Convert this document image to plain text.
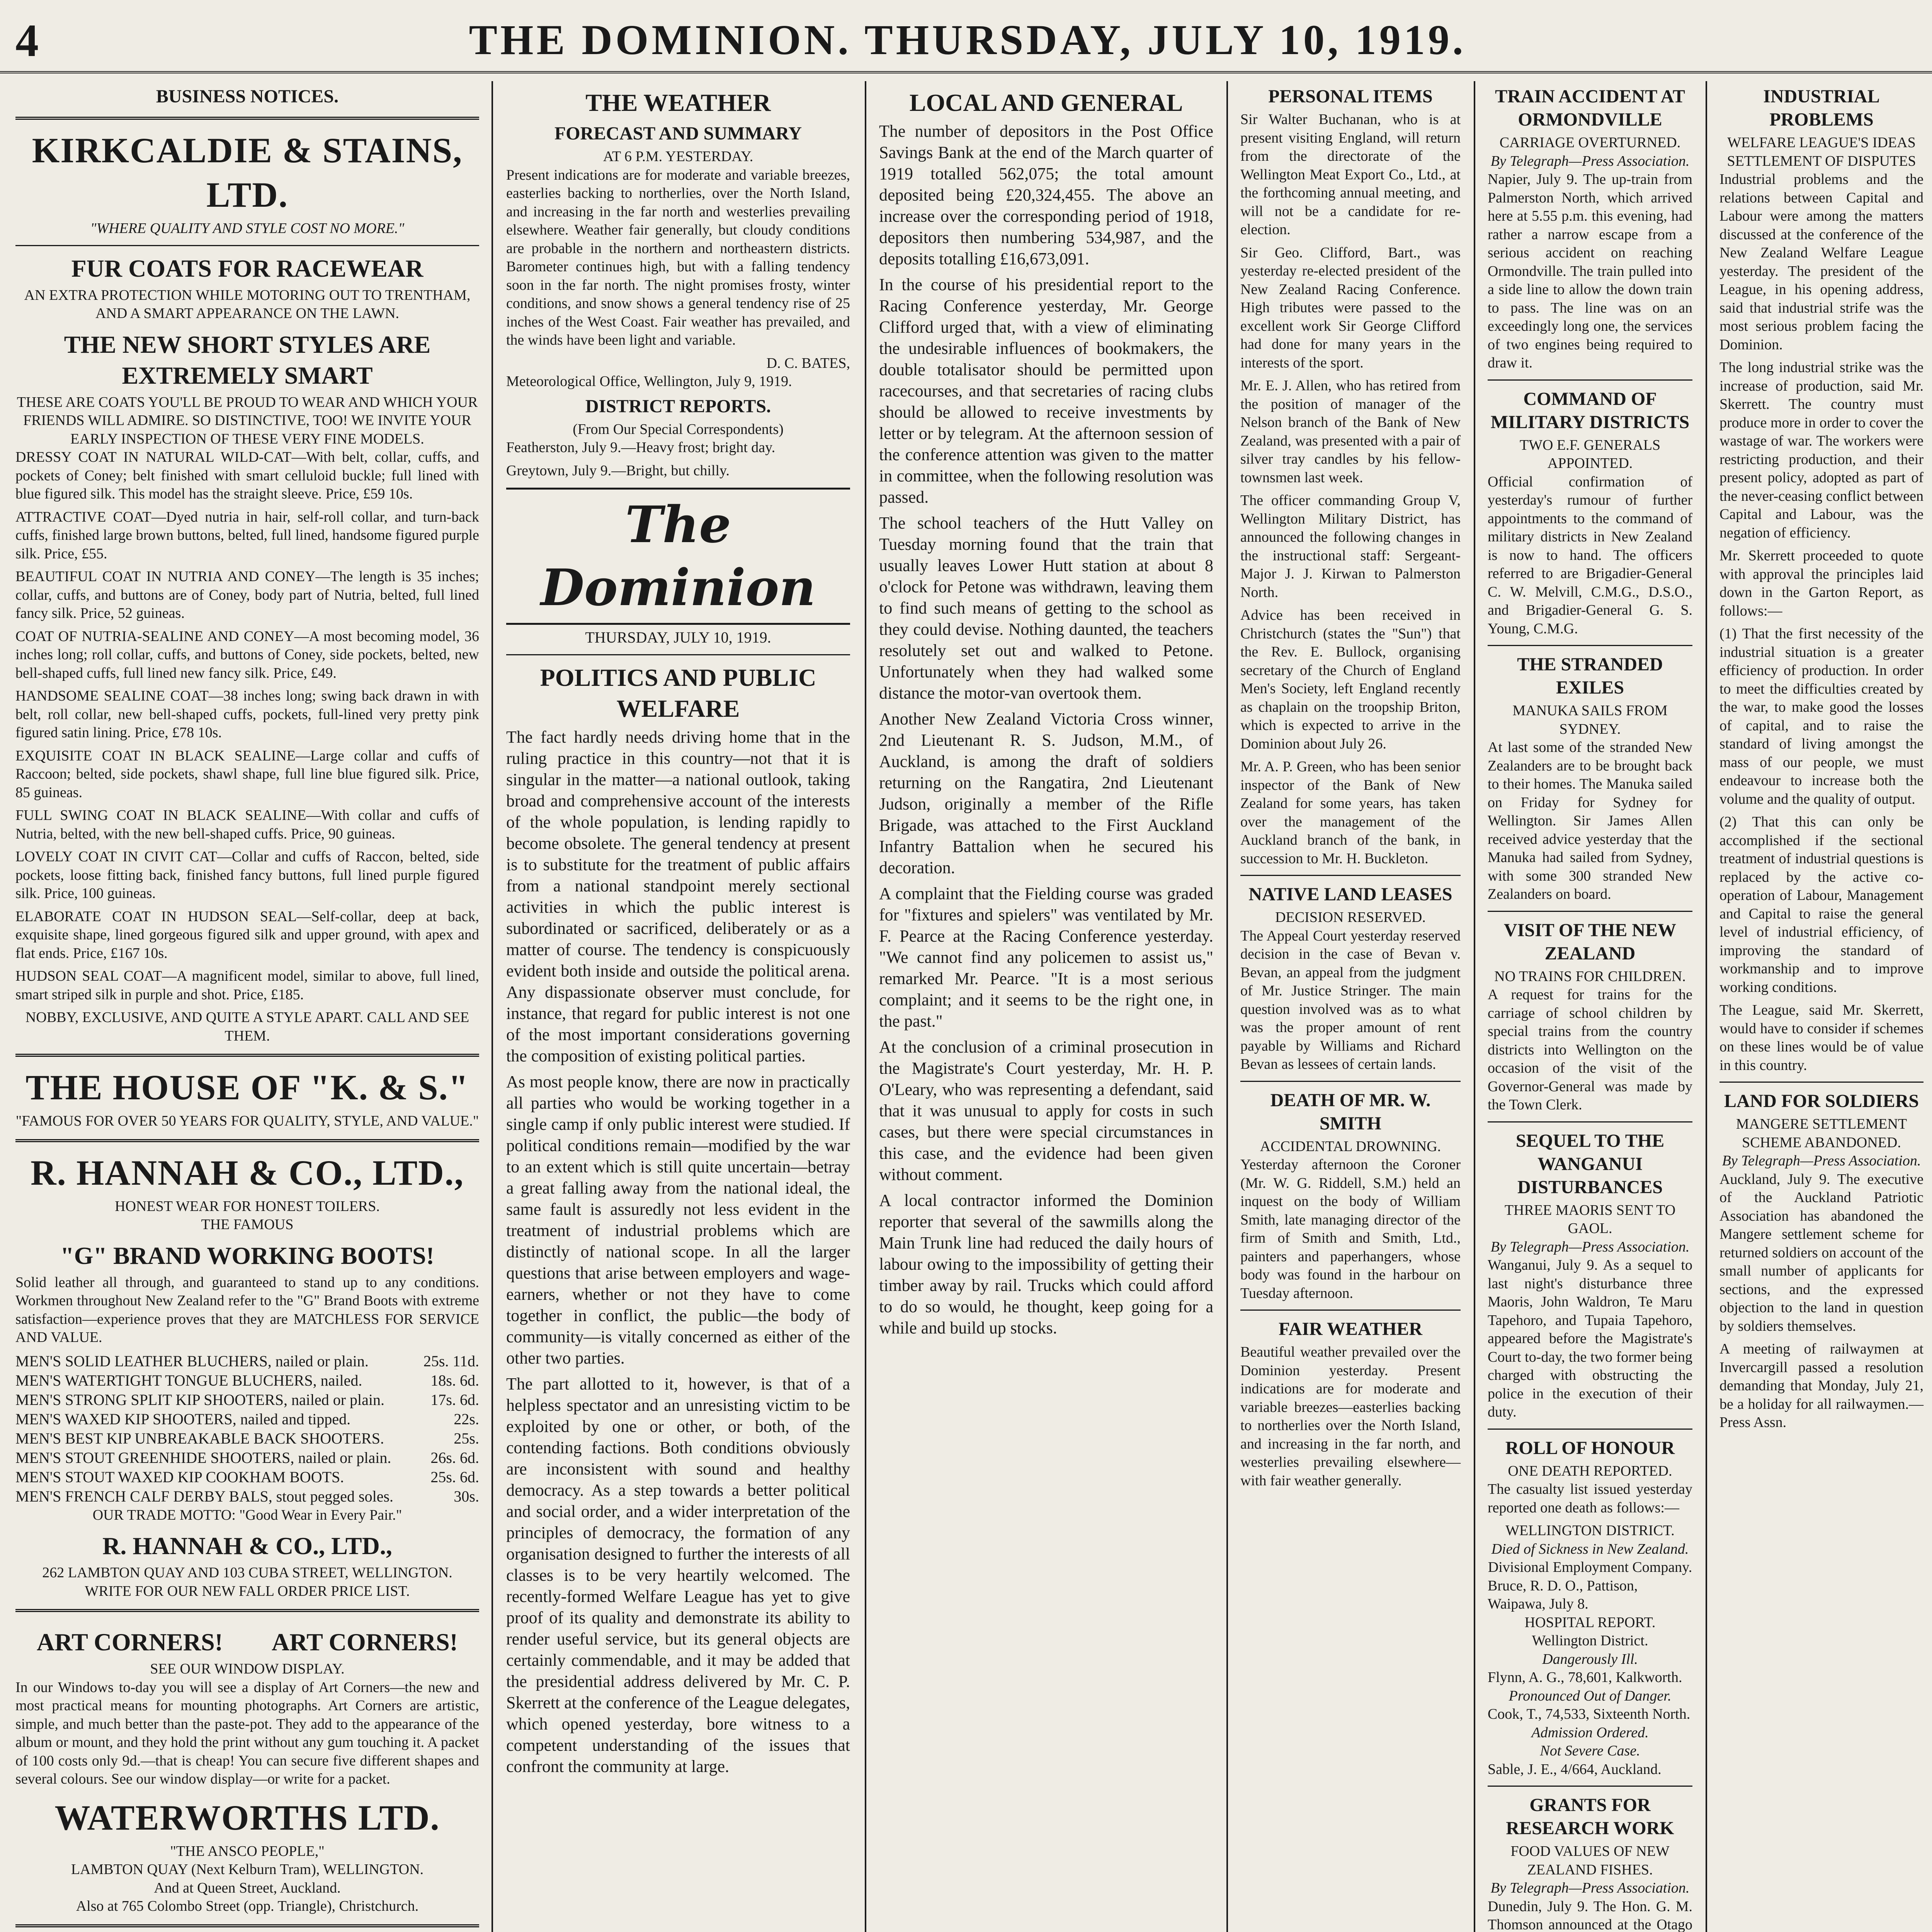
4	THE DOMINION. THURSDAY, JULY 10, 1919.
BUSINESS NOTICES.
KIRKCALDIE & STAINS, LTD.
"WHERE QUALITY AND STYLE COST NO MORE."
FUR COATS FOR RACEWEAR
AN EXTRA PROTECTION WHILE MOTORING OUT TO TRENTHAM, AND A SMART APPEARANCE ON THE LAWN.
THE NEW SHORT STYLES ARE EXTREMELY SMART
THESE ARE COATS YOU'LL BE PROUD TO WEAR AND WHICH YOUR FRIENDS WILL ADMIRE. SO DISTINCTIVE, TOO! WE INVITE YOUR EARLY INSPECTION OF THESE VERY FINE MODELS.

DRESSY COAT IN NATURAL WILD-CAT—With belt, collar, cuffs, and pockets of Coney; belt finished with smart celluloid buckle; full lined with blue figured silk. This model has the straight sleeve. Price, £59 10s.

ATTRACTIVE COAT—Dyed nutria in hair, self-roll collar, and turn-back cuffs, finished large brown buttons, belted, full lined, handsome figured purple silk. Price, £55.

BEAUTIFUL COAT IN NUTRIA AND CONEY—The length is 35 inches; collar, cuffs, and buttons are of Coney, body part of Nutria, belted, full lined fancy silk. Price, 52 guineas.

COAT OF NUTRIA-SEALINE AND CONEY—A most becoming model, 36 inches long; roll collar, cuffs, and buttons of Coney, side pockets, belted, new bell-shaped cuffs, full lined new fancy silk. Price, £49.

HANDSOME SEALINE COAT—38 inches long; swing back drawn in with belt, roll collar, new bell-shaped cuffs, pockets, full-lined very pretty pink figured satin lining. Price, £78 10s.

EXQUISITE COAT IN BLACK SEALINE—Large collar and cuffs of Raccoon; belted, side pockets, shawl shape, full line blue figured silk. Price, 85 guineas.

FULL SWING COAT IN BLACK SEALINE—With collar and cuffs of Nutria, belted, with the new bell-shaped cuffs. Price, 90 guineas.

LOVELY COAT IN CIVIT CAT—Collar and cuffs of Raccon, belted, side pockets, loose fitting back, finished fancy buttons, full lined purple figured silk. Price, 100 guineas.

ELABORATE COAT IN HUDSON SEAL—Self-collar, deep at back, exquisite shape, lined gorgeous figured silk and upper ground, with apex and flat ends. Price, £167 10s.

HUDSON SEAL COAT—A magnificent model, similar to above, full lined, smart striped silk in purple and shot. Price, £185.

NOBBY, EXCLUSIVE, AND QUITE A STYLE APART. CALL AND SEE THEM.
THE HOUSE OF "K. & S."
"FAMOUS FOR OVER 50 YEARS FOR QUALITY, STYLE, AND VALUE."
R. HANNAH & CO., LTD.,
HONEST WEAR FOR HONEST TOILERS.
THE FAMOUS
"G" BRAND WORKING BOOTS!

Solid leather all through, and guaranteed to stand up to any conditions. Workmen throughout New Zealand refer to the "G" Brand Boots with extreme satisfaction—experience proves that they are MATCHLESS FOR SERVICE AND VALUE.

MEN'S SOLID LEATHER BLUCHERS, nailed or plain.	25s. 11d.
MEN'S WATERTIGHT TONGUE BLUCHERS, nailed.	18s. 6d.
MEN'S STRONG SPLIT KIP SHOOTERS, nailed or plain.	17s. 6d.
MEN'S WAXED KIP SHOOTERS, nailed and tipped.	22s.
MEN'S BEST KIP UNBREAKABLE BACK SHOOTERS.	25s.
MEN'S STOUT GREENHIDE SHOOTERS, nailed or plain.	26s. 6d.
MEN'S STOUT WAXED KIP COOKHAM BOOTS.	25s. 6d.
MEN'S FRENCH CALF DERBY BALS, stout pegged soles.	30s.
OUR TRADE MOTTO: "Good Wear in Every Pair."
R. HANNAH & CO., LTD.,
262 LAMBTON QUAY AND 103 CUBA STREET, WELLINGTON.
WRITE FOR OUR NEW FALL ORDER PRICE LIST.
ART CORNERS!	ART CORNERS!
SEE OUR WINDOW DISPLAY.

In our Windows to-day you will see a display of Art Corners—the new and most practical means for mounting photographs. Art Corners are artistic, simple, and much better than the paste-pot. They add to the appearance of the album or mount, and they hold the print without any gum touching it. A packet of 100 costs only 9d.—that is cheap! You can secure five different shapes and several colours. See our window display—or write for a packet.

WATERWORTHS LTD.
"THE ANSCO PEOPLE,"
LAMBTON QUAY (Next Kelburn Tram), WELLINGTON.
And at Queen Street, Auckland.
Also at 765 Colombo Street (opp. Triangle), Christchurch.

THE WEATHER
FORECAST AND SUMMARY
AT 6 P.M. YESTERDAY.

Present indications are for moderate and variable breezes, easterlies backing to northerlies, over the North Island, and increasing in the far north and westerlies prevailing elsewhere. Weather fair generally, but cloudy conditions are probable in the northern and northeastern districts. Barometer continues high, but with a falling tendency soon in the far north. The night promises frosty, winter conditions, and snow shows a general tendency rise of 25 inches of the West Coast. Fair weather has prevailed, and the winds have been light and variable.

D. C. BATES,
Meteorological Office, Wellington, July 9, 1919.
DISTRICT REPORTS.
(From Our Special Correspondents)

Featherston, July 9.—Heavy frost; bright day.

Greytown, July 9.—Bright, but chilly.

The Dominion
THURSDAY, JULY 10, 1919.
POLITICS AND PUBLIC WELFARE

The fact hardly needs driving home that in the ruling practice in this country—not that it is singular in the matter—a national outlook, taking broad and comprehensive account of the interests of the whole population, is lending rapidly to become obsolete. The general tendency at present is to substitute for the treatment of public affairs from a national standpoint merely sectional activities in which the public interest is subordinated or sacrificed, deliberately or as a matter of course. The tendency is conspicuously evident both inside and outside the political arena. Any dispassionate observer must conclude, for instance, that regard for public interest is not one of the most important considerations governing the composition of existing political parties.

As most people know, there are now in practically all parties who would be working together in a single camp if only public interest were studied. If political conditions remain—modified by the war to an extent which is still quite uncertain—betray a great falling away from the national ideal, the same fault is assuredly not less evident in the treatment of industrial problems which are distinctly of national scope. In all the larger questions that arise between employers and wage-earners, whether or not they have to come together in conflict, the public—the body of community—is vitally concerned as either of the other two parties.

The part allotted to it, however, is that of a helpless spectator and an unresisting victim to be exploited by one or other, or both, of the contending factions. Both conditions obviously are inconsistent with sound and healthy democracy. As a step towards a better political and social order, and a wider interpretation of the principles of democracy, the formation of any organisation designed to further the interests of all classes is to be very heartily welcomed. The recently-formed Welfare League has yet to give proof of its quality and demonstrate its ability to render useful service, but its general objects are certainly commendable, and it may be added that the presidential address delivered by Mr. C. P. Skerrett at the conference of the League delegates, which opened yesterday, bore witness to a competent understanding of the issues that confront the community at large.

LOCAL AND GENERAL

The number of depositors in the Post Office Savings Bank at the end of the March quarter of 1919 totalled 562,075; the total amount deposited being £20,324,455. The above an increase over the corresponding period of 1918, depositors then numbering 534,987, and the deposits totalling £16,673,091.

In the course of his presidential report to the Racing Conference yesterday, Mr. George Clifford urged that, with a view of eliminating the undesirable influences of bookmakers, the double totalisator should be permitted upon racecourses, and that secretaries of racing clubs should be allowed to receive investments by letter or by telegram. At the afternoon session of the conference attention was given to the matter in committee, when the following resolution was passed.

The school teachers of the Hutt Valley on Tuesday morning found that the train that usually leaves Lower Hutt station at about 8 o'clock for Petone was withdrawn, leaving them to find such means of getting to the school as they could devise. Nothing daunted, the teachers resolutely set out and walked to Petone. Unfortunately when they had walked some distance the motor-van overtook them.

Another New Zealand Victoria Cross winner, 2nd Lieutenant R. S. Judson, M.M., of Auckland, is among the draft of soldiers returning on the Rangatira, 2nd Lieutenant Judson, originally a member of the Rifle Brigade, was attached to the First Auckland Infantry Battalion when he secured his decoration.

A complaint that the Fielding course was graded for "fixtures and spielers" was ventilated by Mr. F. Pearce at the Racing Conference yesterday. "We cannot find any policemen to assist us," remarked Mr. Pearce. "It is a most serious complaint; and it seems to be the right one, in the past."

At the conclusion of a criminal prosecution in the Magistrate's Court yesterday, Mr. H. P. O'Leary, who was representing a defendant, said that it was unusual to apply for costs in such cases, but there were special circumstances in this case, and the evidence had been given without comment.

A local contractor informed the Dominion reporter that several of the sawmills along the Main Trunk line had reduced the daily hours of labour owing to the impossibility of getting their timber away by rail. Trucks which could afford to do so would, he thought, keep going for a while and build up stocks.

PERSONAL ITEMS

Sir Walter Buchanan, who is at present visiting England, will return from the directorate of the Wellington Meat Export Co., Ltd., at the forthcoming annual meeting, and will not be a candidate for re-election.

Sir Geo. Clifford, Bart., was yesterday re-elected president of the New Zealand Racing Conference. High tributes were passed to the excellent work Sir George Clifford had done for many years in the interests of the sport.

Mr. E. J. Allen, who has retired from the position of manager of the Nelson branch of the Bank of New Zealand, was presented with a pair of silver tray candles by his fellow-townsmen last week.

The officer commanding Group V, Wellington Military District, has announced the following changes in the instructional staff: Sergeant-Major J. J. Kirwan to Palmerston North.

Advice has been received in Christchurch (states the "Sun") that the Rev. E. Bullock, organising secretary of the Church of England Men's Society, left England recently as chaplain on the troopship Briton, which is expected to arrive in the Dominion about July 26.

Mr. A. P. Green, who has been senior inspector of the Bank of New Zealand for some years, has taken over the management of the Auckland branch of the bank, in succession to Mr. H. Buckleton.

NATIVE LAND LEASES
DECISION RESERVED.

The Appeal Court yesterday reserved decision in the case of Bevan v. Bevan, an appeal from the judgment of Mr. Justice Stringer. The main question involved was as to what was the proper amount of rent payable by Williams and Richard Bevan as lessees of certain lands.

DEATH OF MR. W. SMITH
ACCIDENTAL DROWNING.

Yesterday afternoon the Coroner (Mr. W. G. Riddell, S.M.) held an inquest on the body of William Smith, late managing director of the firm of Smith and Smith, Ltd., painters and paperhangers, whose body was found in the harbour on Tuesday afternoon.

FAIR WEATHER

Beautiful weather prevailed over the Dominion yesterday. Present indications are for moderate and variable breezes—easterlies backing to northerlies over the North Island, and increasing in the far north, and westerlies prevailing elsewhere—with fair weather generally.

TRAIN ACCIDENT AT ORMONDVILLE
CARRIAGE OVERTURNED.
By Telegraph—Press Association.

Napier, July 9. The up-train from Palmerston North, which arrived here at 5.55 p.m. this evening, had rather a narrow escape from a serious accident on reaching Ormondville. The train pulled into a side line to allow the down train to pass. The line was on an exceedingly long one, the services of two engines being required to draw it.

COMMAND OF MILITARY DISTRICTS
TWO E.F. GENERALS APPOINTED.

Official confirmation of yesterday's rumour of further appointments to the command of military districts in New Zealand is now to hand. The officers referred to are Brigadier-General C. W. Melvill, C.M.G., D.S.O., and Brigadier-General G. S. Young, C.M.G.

THE STRANDED EXILES
MANUKA SAILS FROM SYDNEY.

At last some of the stranded New Zealanders are to be brought back to their homes. The Manuka sailed on Friday for Sydney for Wellington. Sir James Allen received advice yesterday that the Manuka had sailed from Sydney, with some 300 stranded New Zealanders on board.

VISIT OF THE NEW ZEALAND
NO TRAINS FOR CHILDREN.

A request for trains for the carriage of school children by special trains from the country districts into Wellington on the occasion of the visit of the Governor-General was made by the Town Clerk.

SEQUEL TO THE WANGANUI DISTURBANCES
THREE MAORIS SENT TO GAOL.
By Telegraph—Press Association.

Wanganui, July 9. As a sequel to last night's disturbance three Maoris, John Waldron, Te Maru Tapehoro, and Tupaia Tapehoro, appeared before the Magistrate's Court to-day, the two former being charged with obstructing the police in the execution of their duty.

ROLL OF HONOUR
ONE DEATH REPORTED.

The casualty list issued yesterday reported one death as follows:—

WELLINGTON DISTRICT.
Died of Sickness in New Zealand.
Divisional Employment Company.
Bruce, R. D. O., Pattison, Waipawa, July 8.
HOSPITAL REPORT.
Wellington District.
Dangerously Ill.
Flynn, A. G., 78,601, Kalkworth.
Pronounced Out of Danger.
Cook, T., 74,533, Sixteenth North.
Admission Ordered.
Not Severe Case.
Sable, J. E., 4/664, Auckland.
GRANTS FOR RESEARCH WORK
FOOD VALUES OF NEW ZEALAND FISHES.
By Telegraph—Press Association.

Dunedin, July 9. The Hon. G. M. Thomson announced at the Otago

INDUSTRIAL PROBLEMS
WELFARE LEAGUE'S IDEAS
SETTLEMENT OF DISPUTES

Industrial problems and the relations between Capital and Labour were among the matters discussed at the conference of the New Zealand Welfare League yesterday. The president of the League, in his opening address, said that industrial strife was the most serious problem facing the Dominion.

The long industrial strike was the increase of production, said Mr. Skerrett. The country must produce more in order to cover the wastage of war. The workers were restricting production, and their present policy, adopted as part of the never-ceasing conflict between Capital and Labour, was the negation of efficiency.

Mr. Skerrett proceeded to quote with approval the principles laid down in the Garton Report, as follows:—

(1) That the first necessity of the industrial situation is a greater efficiency of production. In order to meet the difficulties created by the war, to make good the losses of capital, and to raise the standard of living amongst the mass of our people, we must endeavour to increase both the volume and the quality of output.

(2) That this can only be accomplished if the sectional treatment of industrial questions is replaced by the active co-operation of Labour, Management and Capital to raise the general level of industrial efficiency, of improving the standard of workmanship and to improve working conditions.

The League, said Mr. Skerrett, would have to consider if schemes on these lines would be of value in this country.

LAND FOR SOLDIERS
MANGERE SETTLEMENT SCHEME ABANDONED.
By Telegraph—Press Association.

Auckland, July 9. The executive of the Auckland Patriotic Association has abandoned the Mangere settlement scheme for returned soldiers on account of the small number of applicants for sections, and the expressed objection to the land in question by soldiers themselves.

A meeting of railwaymen at Invercargill passed a resolution demanding that Monday, July 21, be a holiday for all railwaymen.—Press Assn.
